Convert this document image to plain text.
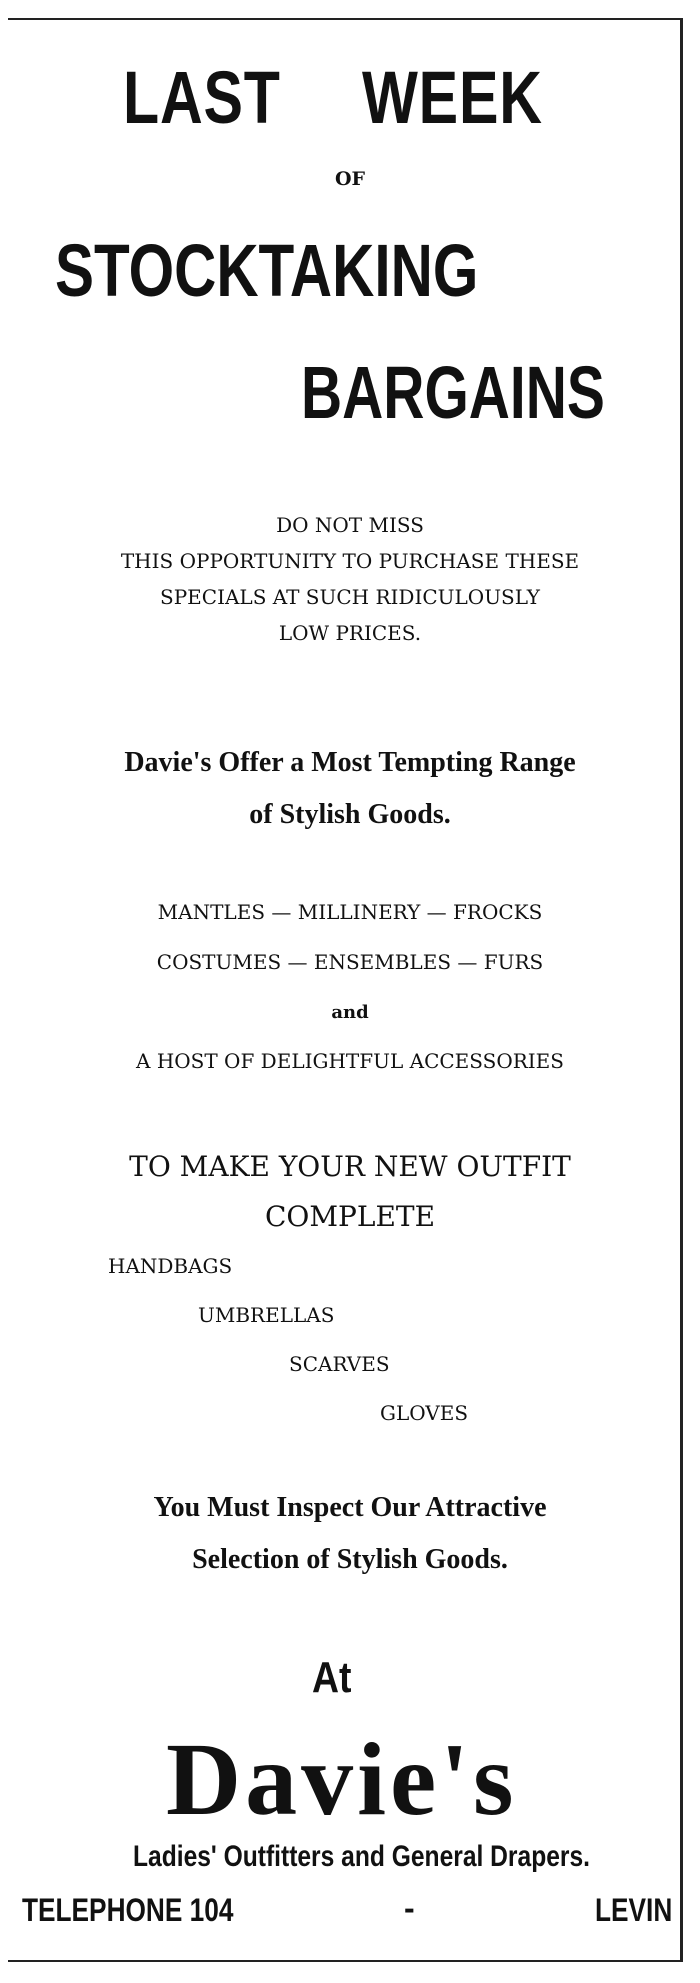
LAST WEEK
OF
STOCKTAKING
BARGAINS
DO NOT MISS
THIS OPPORTUNITY TO PURCHASE THESE
SPECIALS AT SUCH RIDICULOUSLY
LOW PRICES.
Davie's Offer a Most Tempting Range
of Stylish Goods.
MANTLES — MILLINERY — FROCKS
COSTUMES — ENSEMBLES — FURS
and
A HOST OF DELIGHTFUL ACCESSORIES
TO MAKE YOUR NEW OUTFIT
COMPLETE
HANDBAGS
UMBRELLAS
SCARVES
GLOVES
You Must Inspect Our Attractive
Selection of Stylish Goods.
At
Davie's
Ladies' Outfitters and General Drapers.
TELEPHONE 104	-	LEVIN
